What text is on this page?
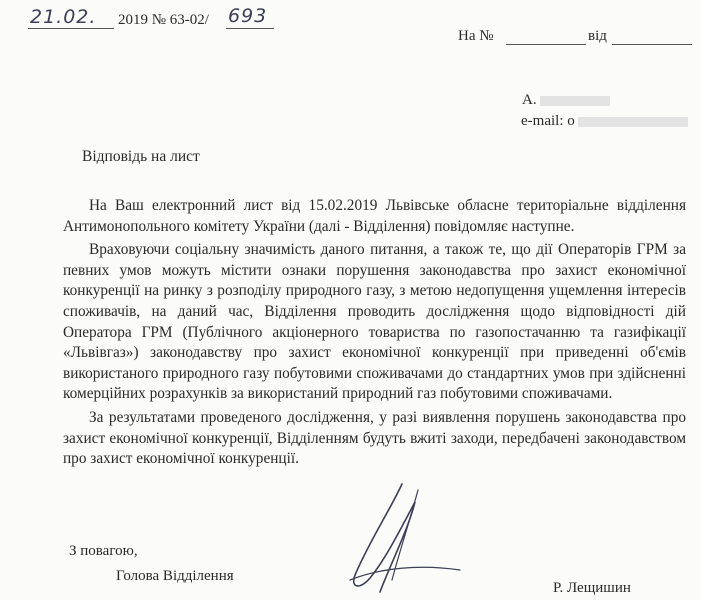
21.02. 2019 № 63-02/ 693
На №	від
А.
e-mail: о
Відповідь на лист

На Ваш електронний лист від 15.02.2019 Львівське обласне територіальне відділення Антимонопольного комітету України (далі - Відділення) повідомляє наступне.

Враховуючи соціальну значимість даного питання, а також те, що дії Операторів ГРМ за певних умов можуть містити ознаки порушення законодавства про захист економічної конкуренції на ринку з розподілу природного газу, з метою недопущення ущемлення інтересів споживачів, на даний час, Відділення проводить дослідження щодо відповідності дій Оператора ГРМ (Публічного акціонерного товариства по газопостачанню та газифікації «Львівгаз») законодавству про захист економічної конкуренції при приведенні об'ємів використаного природного газу побутовими споживачами до стандартних умов при здійсненні комерційних розрахунків за використаний природний газ побутовими споживачами.

За результатами проведеного дослідження, у разі виявлення порушень законодавства про захист економічної конкуренції, Відділенням будуть вжиті заходи, передбачені законодавством про захист економічної конкуренції.

З повагою,
Голова Відділення
Р. Лещишин
